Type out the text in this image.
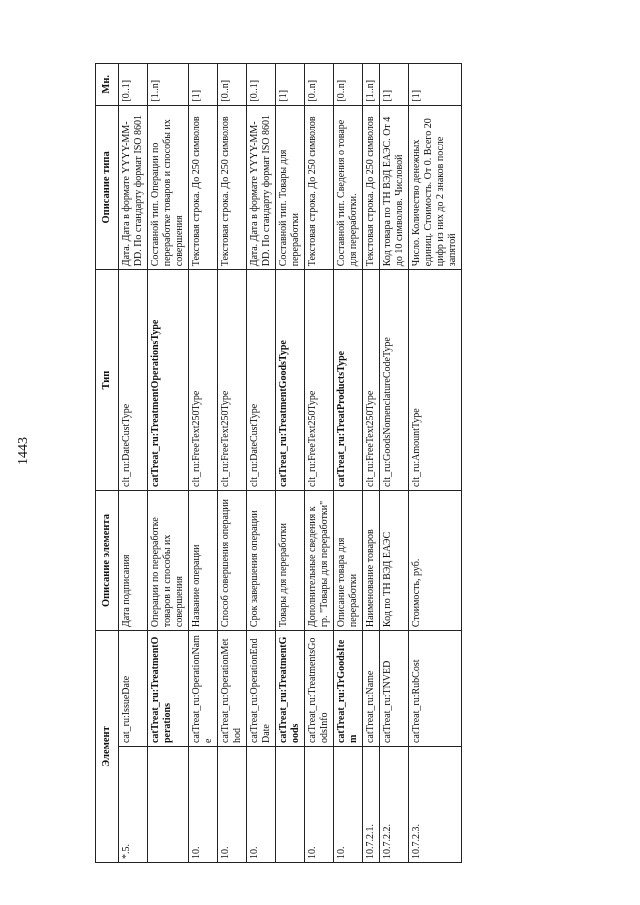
1443
Элемент		Описание элемента	Тип	Описание типа	Мн.
*.5.	cat_ru:IssueDate	Дата подписания	clt_ru:DateCustType	Дата. Дата в формате YYYY-MM-DD. По стандарту формат ISO 8601	[0..1]
	catTreat_ru:TreatmentOperations	Операции по переработке товаров и способы их совершения	catTreat_ru:TreatmentOperationsType	Составной тип. Операции по переработке товаров и способы их совершения	[1..n]
10.	catTreat_ru:OperationName	Название операции	clt_ru:FreeText250Type	Текстовая строка. До 250 символов	[1]
10.	catTreat_ru:OperationMethod	Способ совершения операции	clt_ru:FreeText250Type	Текстовая строка. До 250 символов	[0..n]
10.	catTreat_ru:OperationEndDate	Срок завершения операции	clt_ru:DateCustType	Дата. Дата в формате YYYY-MM-DD. По стандарту формат ISO 8601	[0..1]
	catTreat_ru:TreatmentGoods	Товары для переработки	catTreat_ru:TreatmentGoodsType	Составной тип. Товары для переработки	[1]
10.	catTreat_ru:TreatmentsGoodsInfo	Дополнительные сведения к гр. "Товары для переработки"	clt_ru:FreeText250Type	Текстовая строка. До 250 символов	[0..n]
10.	catTreat_ru:TrGoodsItem	Описание товара для переработки	catTreat_ru:TreatProductsType	Составной тип. Сведения о товаре для переработки.	[0..n]
10.7.2.1.	catTreat_ru:Name	Наименование товаров	clt_ru:FreeText250Type	Текстовая строка. До 250 символов	[1..n]
10.7.2.2.	catTreat_ru:TNVED	Код по ТН ВЭД ЕАЭС	clt_ru:GoodsNomenclatureCodeType	Код товара по ТН ВЭД ЕАЭС. От 4 до 10 символов. Числовой	[1]
10.7.2.3.	catTreat_ru:RubCost	Стоимость, руб.	clt_ru:AmountType	Число. Количество денежных единиц. Стоимость. От 0. Всего 20 цифр из них до 2 знаков после запятой	[1]
